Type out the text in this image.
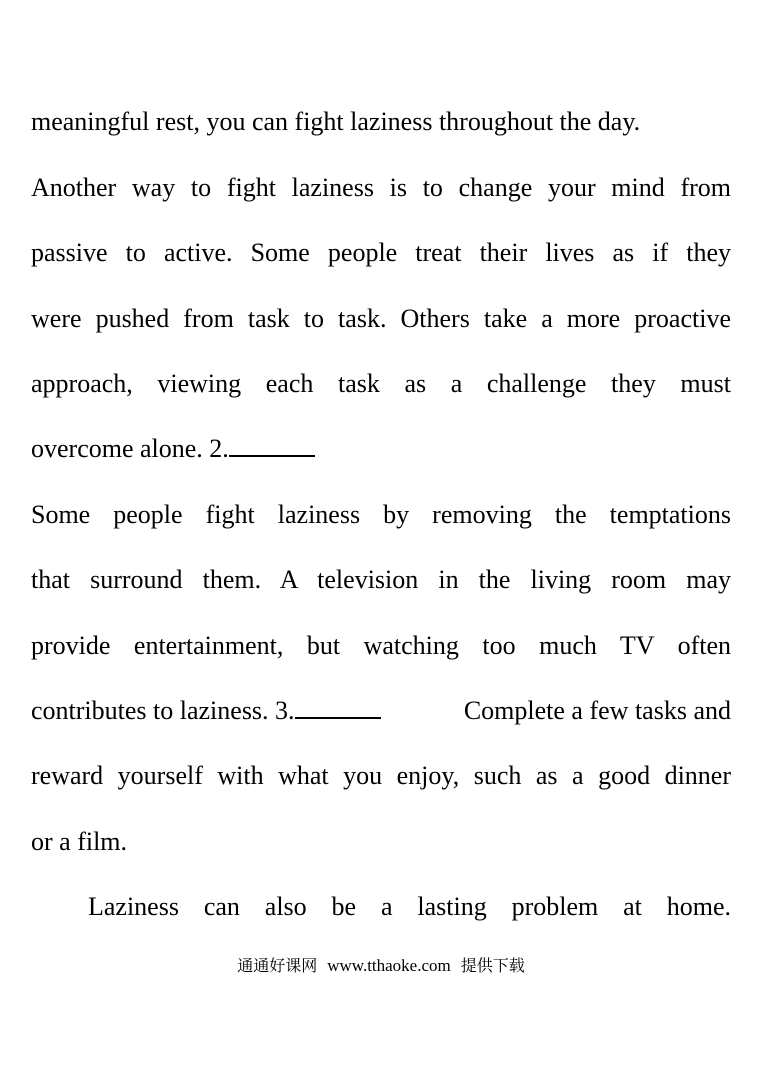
meaningful rest, you can fight laziness throughout the day.
Another way to fight laziness is to change your mind from
passive to active. Some people treat their lives as if they
were pushed from task to task. Others take a more proactive
approach, viewing each task as a challenge they must
overcome alone. 2.
Some people fight laziness by removing the temptations
that surround them. A television in the living room may
provide entertainment, but watching too much TV often
contributes to laziness. 3.	Complete a few tasks and
reward yourself with what you enjoy, such as a good dinner
or a film.
Laziness can also be a lasting problem at home.
通通好课网 www.tthaoke.com 提供下载
